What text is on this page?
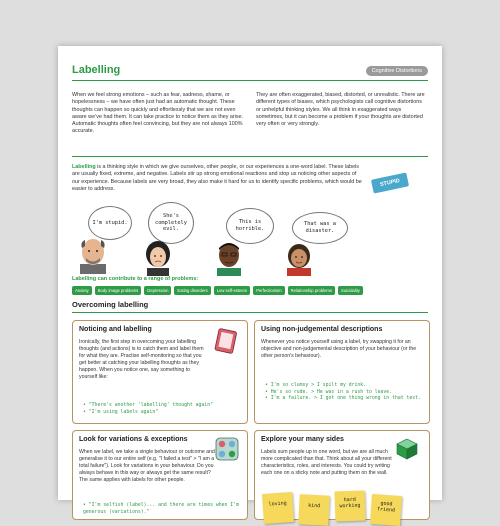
Labelling	Cognitive Distortions
When we feel strong emotions – such as fear, sadness, shame, or hopelessness – we have often just had an automatic thought. These thoughts can happen so quickly and effortlessly that we are not even aware we’ve had them. It can take practice to notice them as they arise. Automatic thoughts often feel convincing, but they are not always 100% accurate.
They are often exaggerated, biased, distorted, or unrealistic. There are different types of biases, which psychologists call cognitive distortions or unhelpful thinking styles. We all think in exaggerated ways sometimes, but it can become a problem if your thoughts are distorted very often or very strongly.
Labelling is a thinking style in which we give ourselves, other people, or our experiences a one-word label. These labels are usually fixed, extreme, and negative. Labels stir up strong emotional reactions and stop us noticing other aspects of our experience. Because labels are very broad, they also make it hard for us to identify specific problems, which would be easier to address.
STUPID
I'm stupid.
She's completely evil.
This is horrible.
That was a disaster.
Labelling can contribute to a range of problems:
Anxiety	Body image problems	Depression	Eating disorders	Low self-esteem	Perfectionism	Relationship problems	Suicidality
Overcoming labelling
Noticing and labelling
Ironically, the first step in overcoming your labelling thoughts (and actions) is to catch them and label them for what they are. Practise self-monitoring so that you get better at catching your labelling thoughts as they happen. When you notice one, say something to yourself like:
• "There's another 'labelling' thought again"
• "I'm using labels again"
Using non-judgemental descriptions
Whenever you notice yourself using a label, try swapping it for an objective and non-judgemental description of your behaviour (or the other person's behaviour).
• I'm so clumsy > I spilt my drink.
• He's so rude. > He was in a rush to leave.
• I'm a failure. > I got one thing wrong in that test.
Look for variations & exceptions
When we label, we take a single behaviour or outcome and generalise it to our entire self (e.g. "I failed a test" > "I am a total failure"). Look for variations in your behaviour. Do you always behave in this way or always get the same result? The same applies with labels for other people.
• "I'm selfish (label)... and there are times when I'm generous (variations)."
Explore your many sides
Labels sum people up in one word, but we are all much more complicated than that. Think about all your different characteristics, roles, and interests. You could try writing each one on a sticky note and putting them on the wall.
loving	kind
hard working	good friend
